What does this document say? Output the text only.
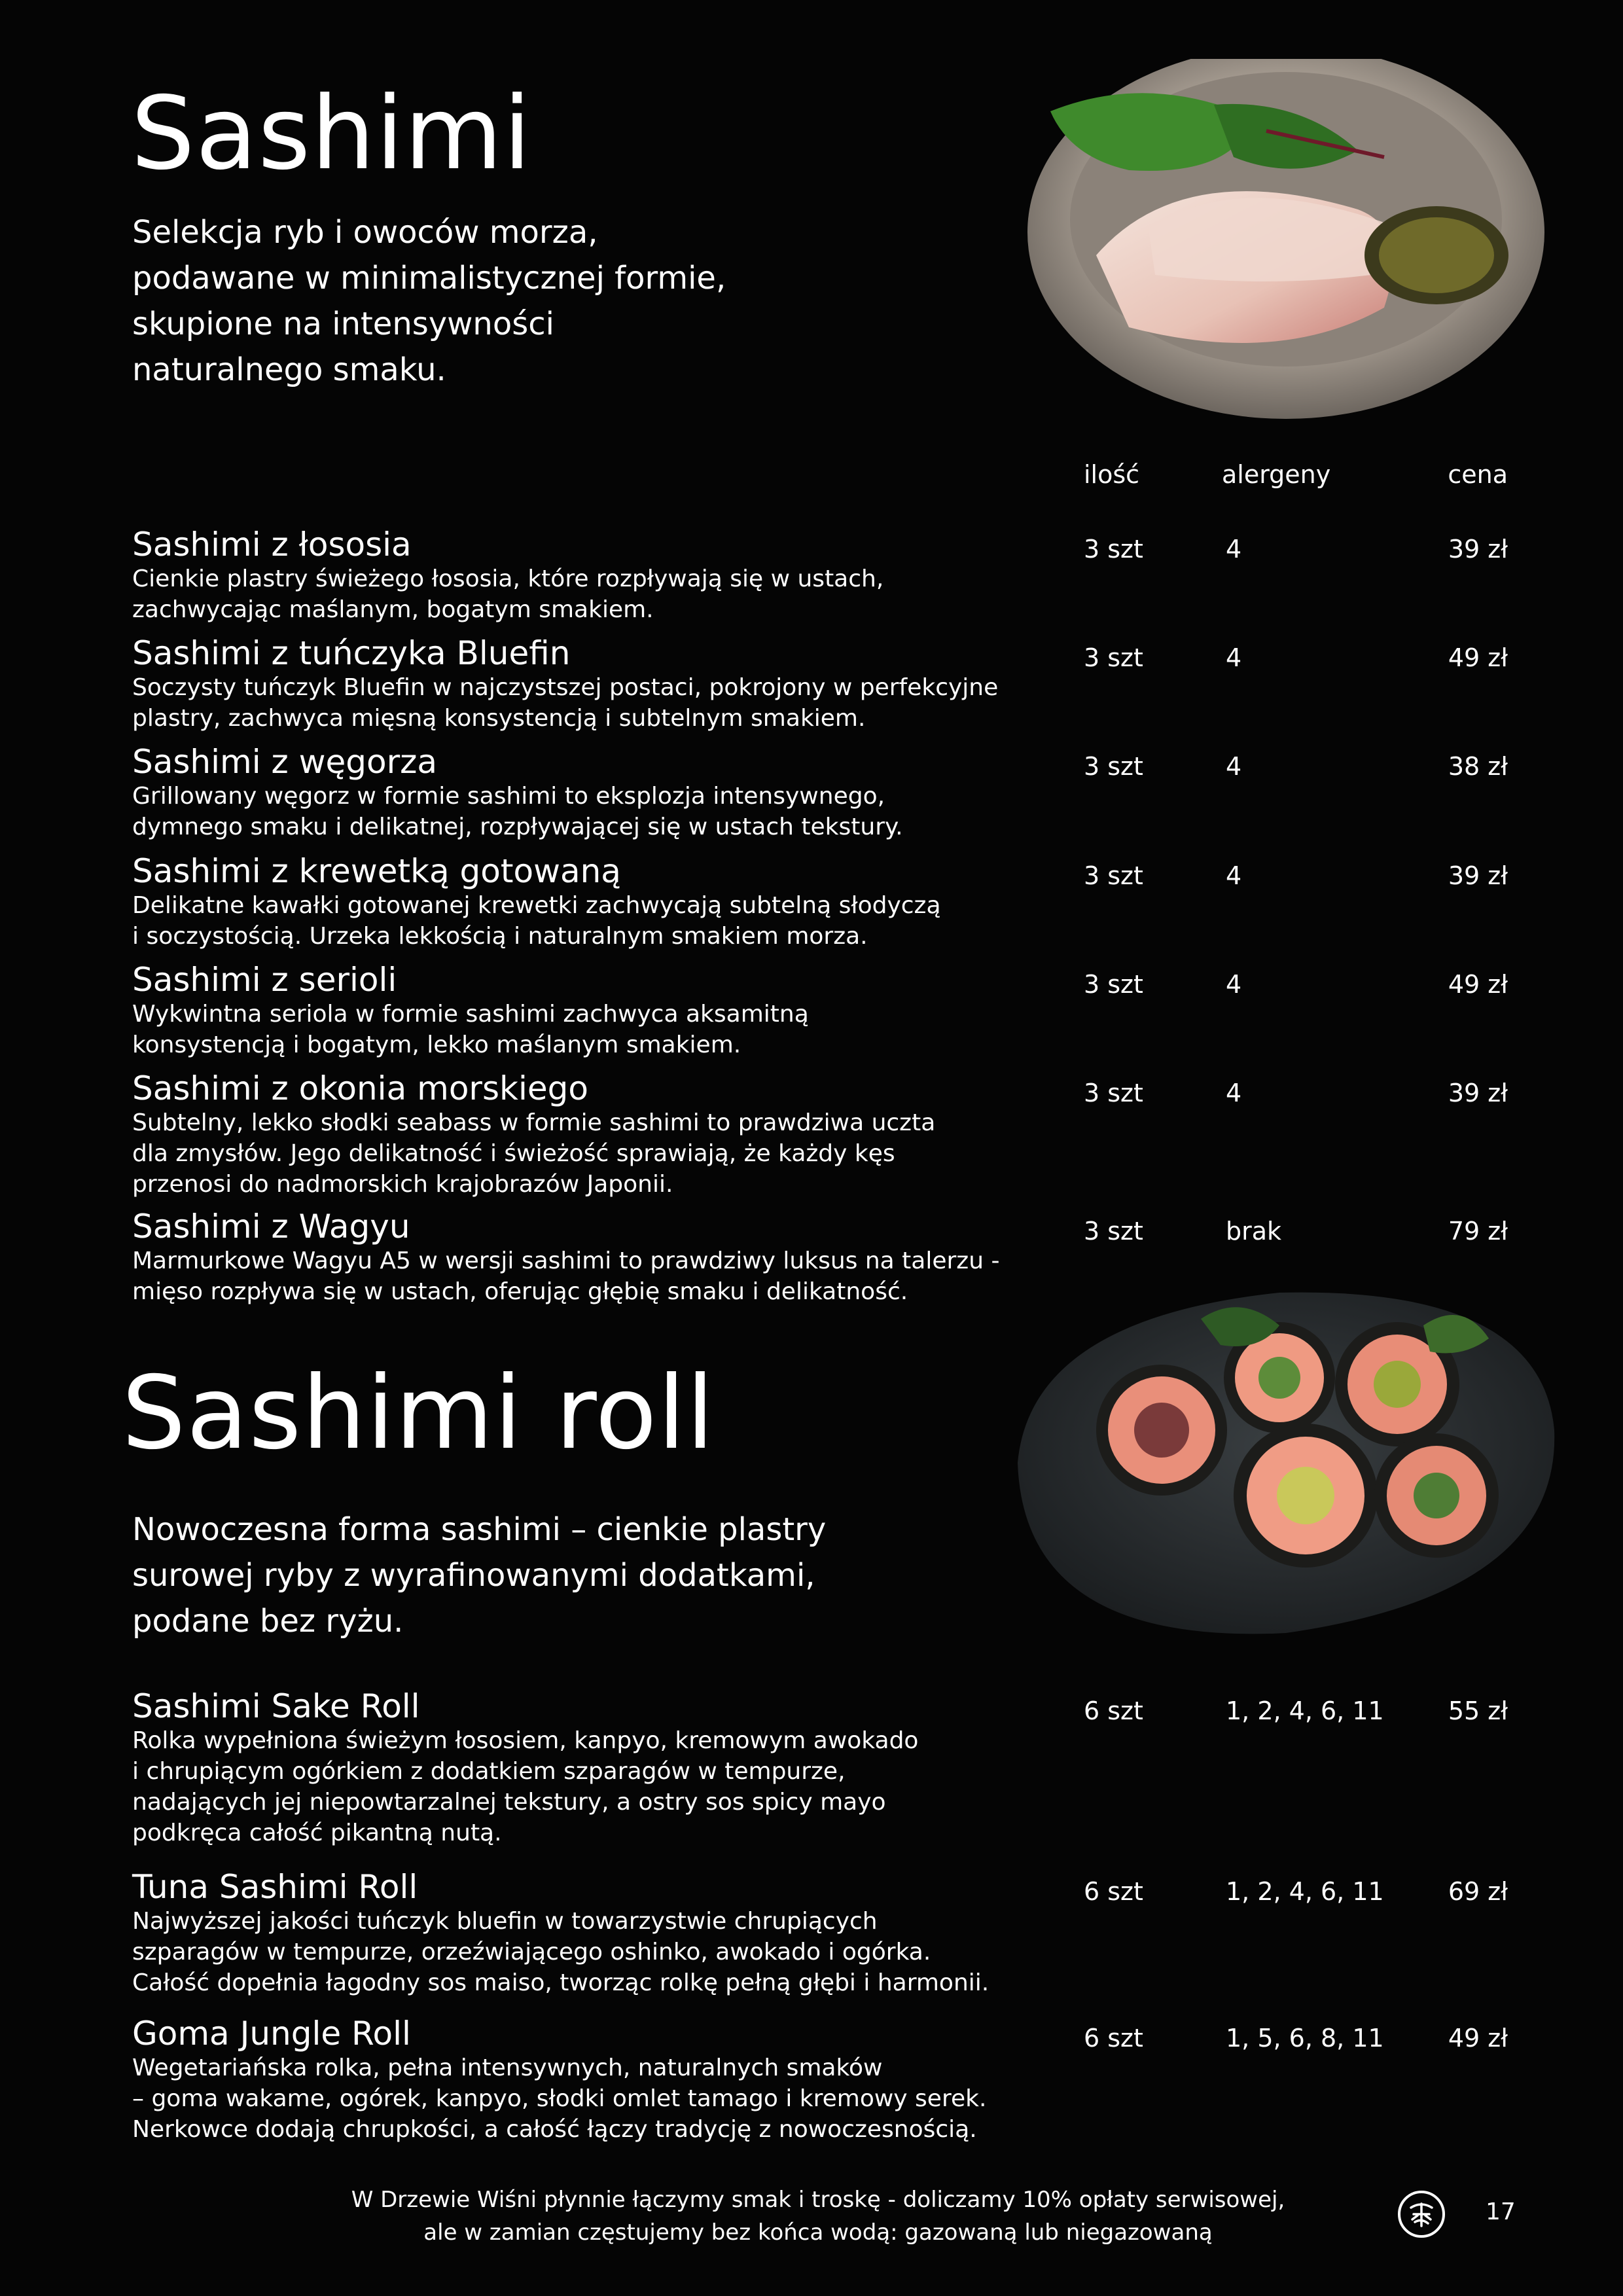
Sashimi

Selekcja ryb i owoców morza,
podawane w minimalistycznej formie,
skupione na intensywności
naturalnego smaku.

ilość	alergeny	cena

Sashimi z łososia

Cienkie plastry świeżego łososia, które rozpływają się w ustach,
zachwycając maślanym, bogatym smakiem.

3 szt	4	39 zł

Sashimi z tuńczyka Bluefin

Soczysty tuńczyk Bluefin w najczystszej postaci, pokrojony w perfekcyjne
plastry, zachwyca mięsną konsystencją i subtelnym smakiem.

3 szt	4	49 zł

Sashimi z węgorza

Grillowany węgorz w formie sashimi to eksplozja intensywnego,
dymnego smaku i delikatnej, rozpływającej się w ustach tekstury.

3 szt	4	38 zł

Sashimi z krewetką gotowaną

Delikatne kawałki gotowanej krewetki zachwycają subtelną słodyczą
i soczystością. Urzeka lekkością i naturalnym smakiem morza.

3 szt	4	39 zł

Sashimi z serioli

Wykwintna seriola w formie sashimi zachwyca aksamitną
konsystencją i bogatym, lekko maślanym smakiem.

3 szt	4	49 zł

Sashimi z okonia morskiego

Subtelny, lekko słodki seabass w formie sashimi to prawdziwa uczta
dla zmysłów. Jego delikatność i świeżość sprawiają, że każdy kęs
przenosi do nadmorskich krajobrazów Japonii.

3 szt	4	39 zł

Sashimi z Wagyu

Marmurkowe Wagyu A5 w wersji sashimi to prawdziwy luksus na talerzu -
mięso rozpływa się w ustach, oferując głębię smaku i delikatność.

3 szt	brak	79 zł
Sashimi roll

Nowoczesna forma sashimi – cienkie plastry
surowej ryby z wyrafinowanymi dodatkami,
podane bez ryżu.

Sashimi Sake Roll

Rolka wypełniona świeżym łososiem, kanpyo, kremowym awokado
i chrupiącym ogórkiem z dodatkiem szparagów w tempurze,
nadających jej niepowtarzalnej tekstury, a ostry sos spicy mayo
podkręca całość pikantną nutą.

6 szt	1, 2, 4, 6, 11	55 zł

Tuna Sashimi Roll

Najwyższej jakości tuńczyk bluefin w towarzystwie chrupiących
szparagów w tempurze, orzeźwiającego oshinko, awokado i ogórka.
Całość dopełnia łagodny sos maiso, tworząc rolkę pełną głębi i harmonii.

6 szt	1, 2, 4, 6, 11	69 zł

Goma Jungle Roll

Wegetariańska rolka, pełna intensywnych, naturalnych smaków
– goma wakame, ogórek, kanpyo, słodki omlet tamago i kremowy serek.
Nerkowce dodają chrupkości, a całość łączy tradycję z nowoczesnością.

6 szt	1, 5, 6, 8, 11	49 zł
W Drzewie Wiśni płynnie łączymy smak i troskę - doliczamy 10% opłaty serwisowej,
ale w zamian częstujemy bez końca wodą: gazowaną lub niegazowaną
17
